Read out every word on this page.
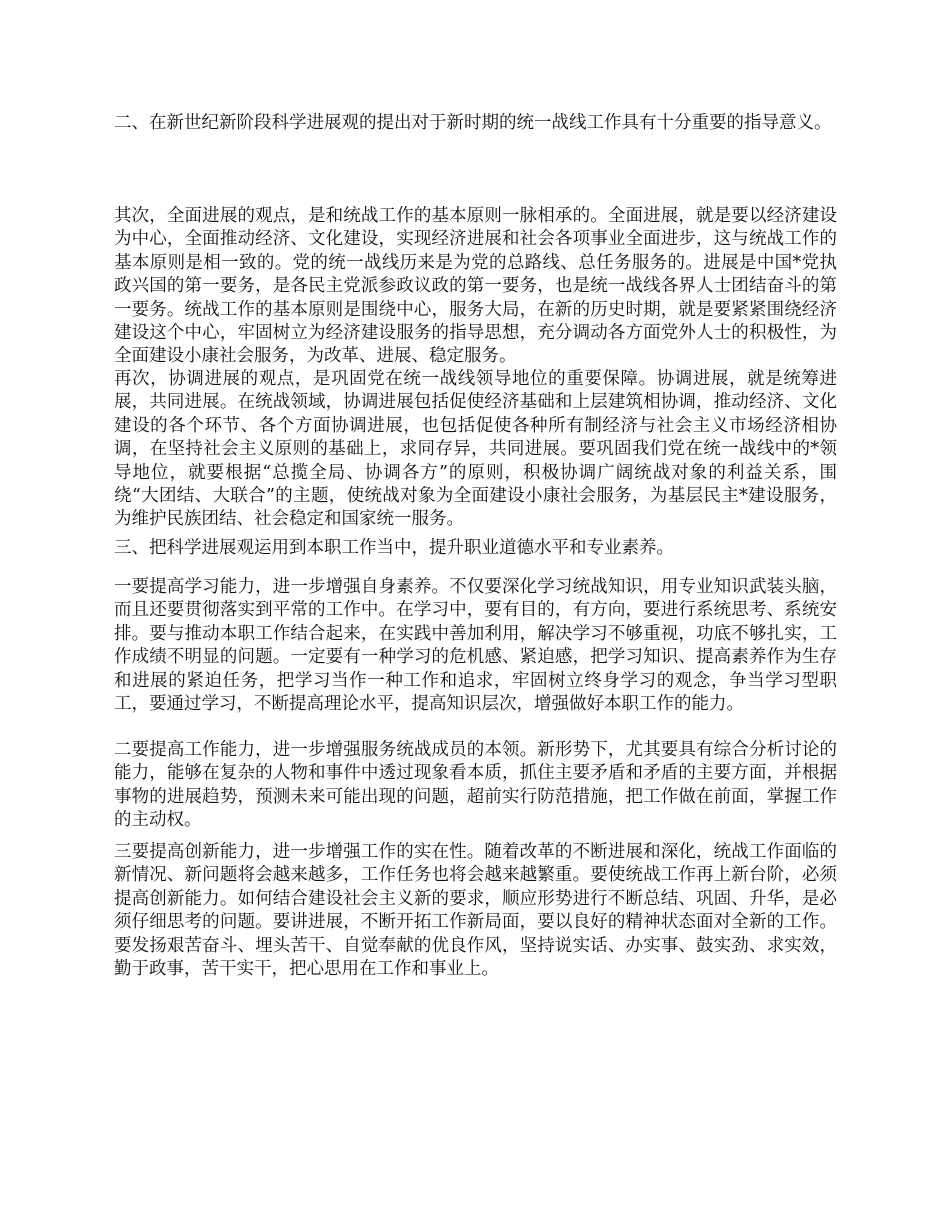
二、在新世纪新阶段科学进展观的提出对于新时期的统一战线工作具有十分重要的指导意义。

其次，全面进展的观点，是和统战工作的基本原则一脉相承的。全面进展，就是要以经济建设为中心，全面推动经济、文化建设，实现经济进展和社会各项事业全面进步，这与统战工作的基本原则是相一致的。党的统一战线历来是为党的总路线、总任务服务的。进展是中国*党执政兴国的第一要务，是各民主党派参政议政的第一要务，也是统一战线各界人士团结奋斗的第一要务。统战工作的基本原则是围绕中心，服务大局，在新的历史时期，就是要紧紧围绕经济建设这个中心，牢固树立为经济建设服务的指导思想，充分调动各方面党外人士的积极性，为全面建设小康社会服务，为改革、进展、稳定服务。

再次，协调进展的观点，是巩固党在统一战线领导地位的重要保障。协调进展，就是统筹进展，共同进展。在统战领域，协调进展包括促使经济基础和上层建筑相协调，推动经济、文化建设的各个环节、各个方面协调进展，也包括促使各种所有制经济与社会主义市场经济相协调，在坚持社会主义原则的基础上，求同存异，共同进展。要巩固我们党在统一战线中的*领导地位，就要根据“总揽全局、协调各方”的原则，积极协调广阔统战对象的利益关系，围绕“大团结、大联合”的主题，使统战对象为全面建设小康社会服务，为基层民主*建设服务，为维护民族团结、社会稳定和国家统一服务。

三、把科学进展观运用到本职工作当中，提升职业道德水平和专业素养。

一要提高学习能力，进一步增强自身素养。不仅要深化学习统战知识，用专业知识武装头脑，而且还要贯彻落实到平常的工作中。在学习中，要有目的，有方向，要进行系统思考、系统安排。要与推动本职工作结合起来，在实践中善加利用，解决学习不够重视，功底不够扎实，工作成绩不明显的问题。一定要有一种学习的危机感、紧迫感，把学习知识、提高素养作为生存和进展的紧迫任务，把学习当作一种工作和追求，牢固树立终身学习的观念，争当学习型职工，要通过学习，不断提高理论水平，提高知识层次，增强做好本职工作的能力。

二要提高工作能力，进一步增强服务统战成员的本领。新形势下，尤其要具有综合分析讨论的能力，能够在复杂的人物和事件中透过现象看本质，抓住主要矛盾和矛盾的主要方面，并根据事物的进展趋势，预测未来可能出现的问题，超前实行防范措施，把工作做在前面，掌握工作的主动权。

三要提高创新能力，进一步增强工作的实在性。随着改革的不断进展和深化，统战工作面临的新情况、新问题将会越来越多，工作任务也将会越来越繁重。要使统战工作再上新台阶，必须提高创新能力。如何结合建设社会主义新的要求，顺应形势进行不断总结、巩固、升华，是必须仔细思考的问题。要讲进展，不断开拓工作新局面，要以良好的精神状态面对全新的工作。要发扬艰苦奋斗、埋头苦干、自觉奉献的优良作风，坚持说实话、办实事、鼓实劲、求实效，勤于政事，苦干实干，把心思用在工作和事业上。
